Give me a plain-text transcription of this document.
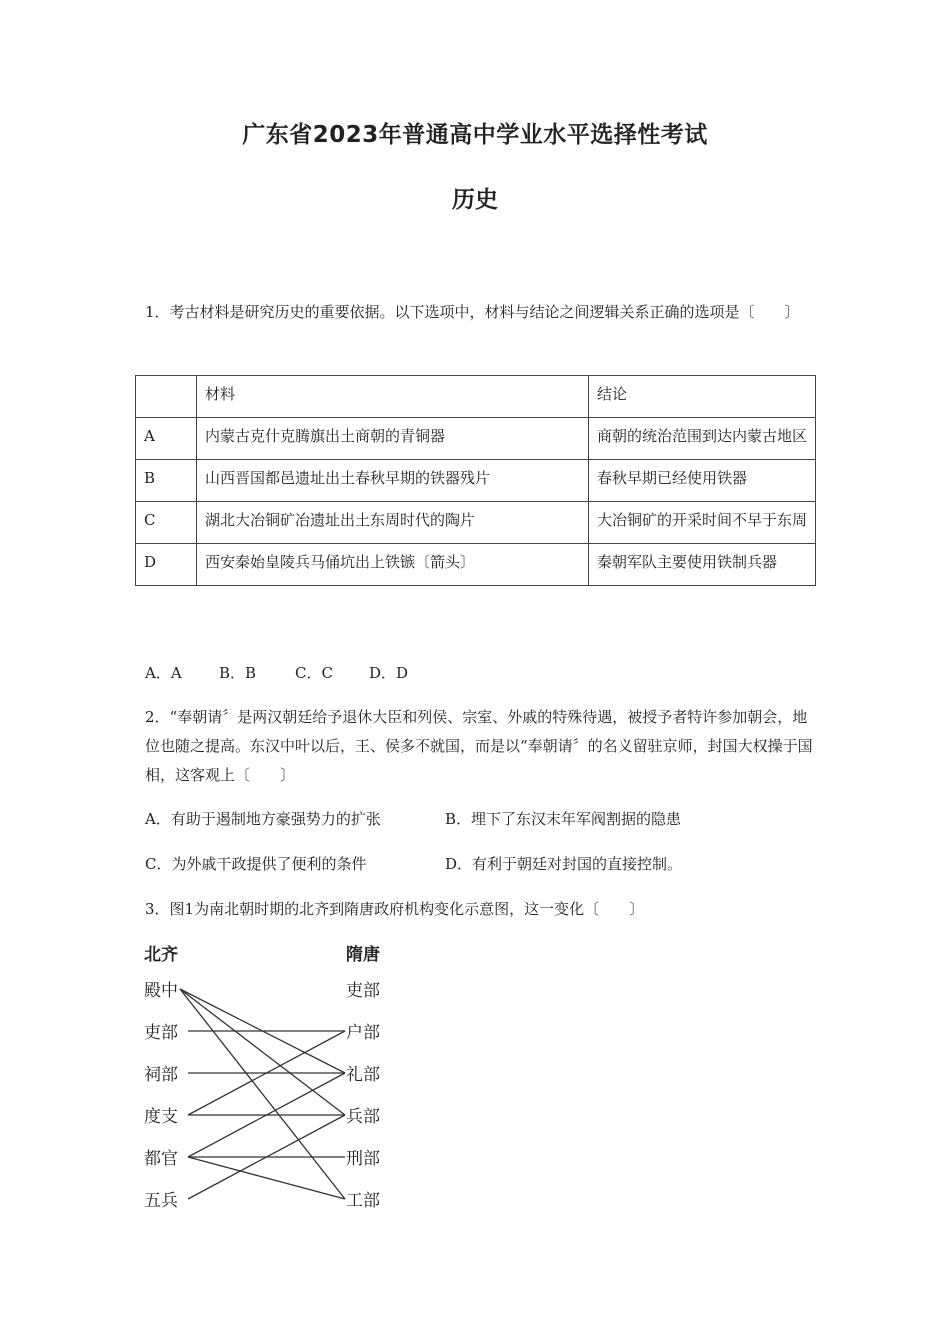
广东省2023年普通高中学业水平选择性考试
历史
1．考古材料是研究历史的重要依据。以下选项中，材料与结论之间逻辑关系正确的选项是〔　　〕
	材料	结论
A	内蒙古克什克腾旗出土商朝的青铜器	商朝的统治范围到达内蒙古地区
B	山西晋国都邑遗址出土春秋早期的铁器残片	春秋早期已经使用铁器
C	湖北大冶铜矿冶遗址出土东周时代的陶片	大冶铜矿的开采时间不早于东周
D	西安秦始皇陵兵马俑坑出上铁镞〔箭头〕	秦朝军队主要使用铁制兵器
A．A B．B	C．C D．D
2．“奉朝请〞是两汉朝廷给予退休大臣和列侯、宗室、外戚的特殊待遇，被授予者特许参加朝会，地位也随之提高。东汉中叶以后，王、侯多不就国，而是以“奉朝请〞的名义留驻京师，封国大权操于国相，这客观上〔　　〕
A．有助于遏制地方豪强势力的扩张	B．埋下了东汉末年军阀割据的隐患
C．为外戚干政提供了便利的条件	D．有利于朝廷对封国的直接控制。
3．图1为南北朝时期的北齐到隋唐政府机构变化示意图，这一变化〔　　〕
北齐	隋唐
殿中
吏部
祠部
度支
都官
五兵
吏部
户部
礼部
兵部
刑部
工部
